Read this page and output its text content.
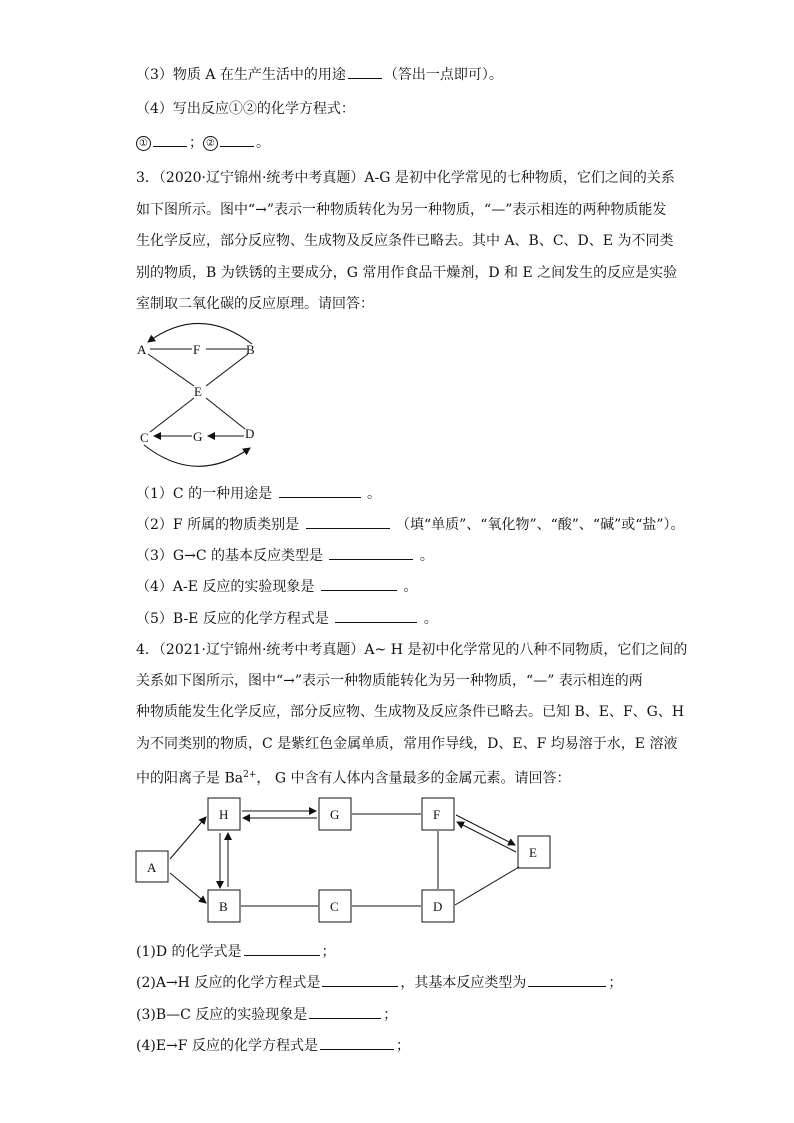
（3）物质 A 在生产生活中的用途	（答出一点即可）。
（4）写出反应①②的化学方程式：
①	； ②	。
3．（2020·辽宁锦州·统考中考真题）A-G 是初中化学常见的七种物质，它们之间的关系
如下图所示。图中“→”表示一种物质转化为另一种物质，“—”表示相连的两种物质能发
生化学反应，部分反应物、生成物及反应条件已略去。其中 A、B、C、D、E 为不同类
别的物质，B 为铁锈的主要成分，G 常用作食品干燥剂，D 和 E 之间发生的反应是实验
室制取二氧化碳的反应原理。请回答：
A	F	B
E
C	G	D
（1）C 的一种用途是	。
（2）F 所属的物质类别是	（填“单质”、“氧化物”、“酸”、“碱”或“盐”）。
（3）G→C 的基本反应类型是	。
（4）A-E 反应的实验现象是	。
（5）B-E 反应的化学方程式是	。
4．（2021·辽宁锦州·统考中考真题）A~ H 是初中化学常见的八种不同物质，它们之间的
关系如下图所示，图中“→”表示一种物质能转化为另一种物质，“—” 表示相连的两
种物质能发生化学反应，部分反应物、生成物及反应条件已略去。已知 B、E、F、G、H
为不同类别的物质，C 是紫红色金属单质，常用作导线，D、E、F 均易溶于水，E 溶液
中的阳离子是 $Ba^{2+}$， G 中含有人体内含量最多的金属元素。请回答：
A
H	G	F
E
B	C	D
(1)D 的化学式是	；
(2)A→H 反应的化学方程式是	，其基本反应类型为	；
(3)B—C 反应的实验现象是	；
(4)E→F 反应的化学方程式是	；
